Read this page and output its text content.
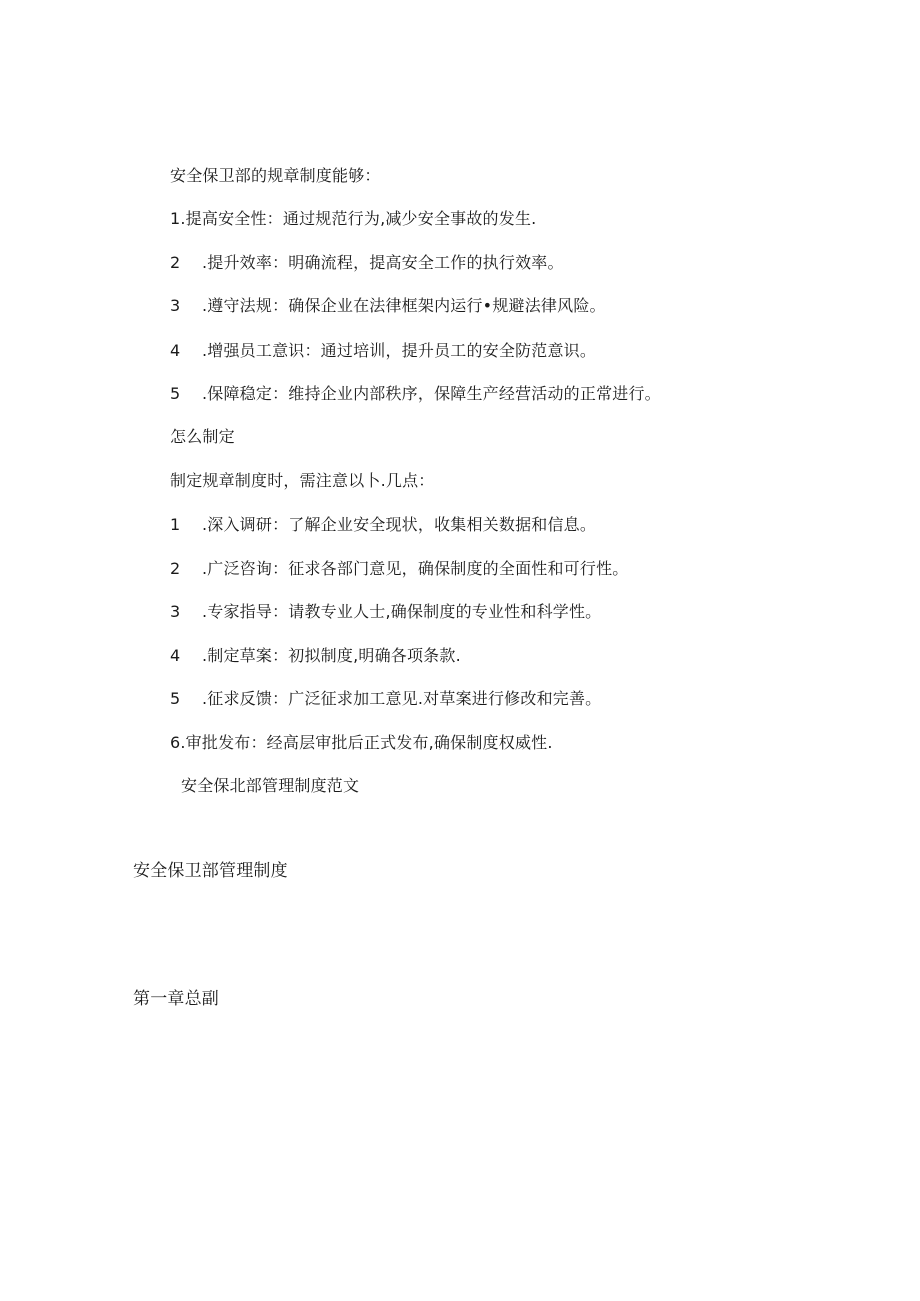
安全保卫部的规章制度能够：
1.提高安全性：通过规范行为,减少安全事故的发生.
2 .提升效率：明确流程，提高安全工作的执行效率。
3 .遵守法规：确保企业在法律框架内运行•规避法律风险。
4 .增强员工意识：通过培训，提升员工的安全防范意识。
5 .保障稳定：维持企业内部秩序，保障生产经营活动的正常进行。
怎么制定
制定规章制度时，需注意以卜.几点：
1 .深入调研：了解企业安全现状，收集相关数据和信息。
2 .广泛咨询：征求各部门意见，确保制度的全面性和可行性。
3 .专家指导：请教专业人士,确保制度的专业性和科学性。
4 .制定草案：初拟制度,明确各项条款.
5 .征求反馈：广泛征求加工意见.对草案进行修改和完善。
6.审批发布：经高层审批后正式发布,确保制度权威性.
安全保北部管理制度范文
安全保卫部管理制度
第一章总副
